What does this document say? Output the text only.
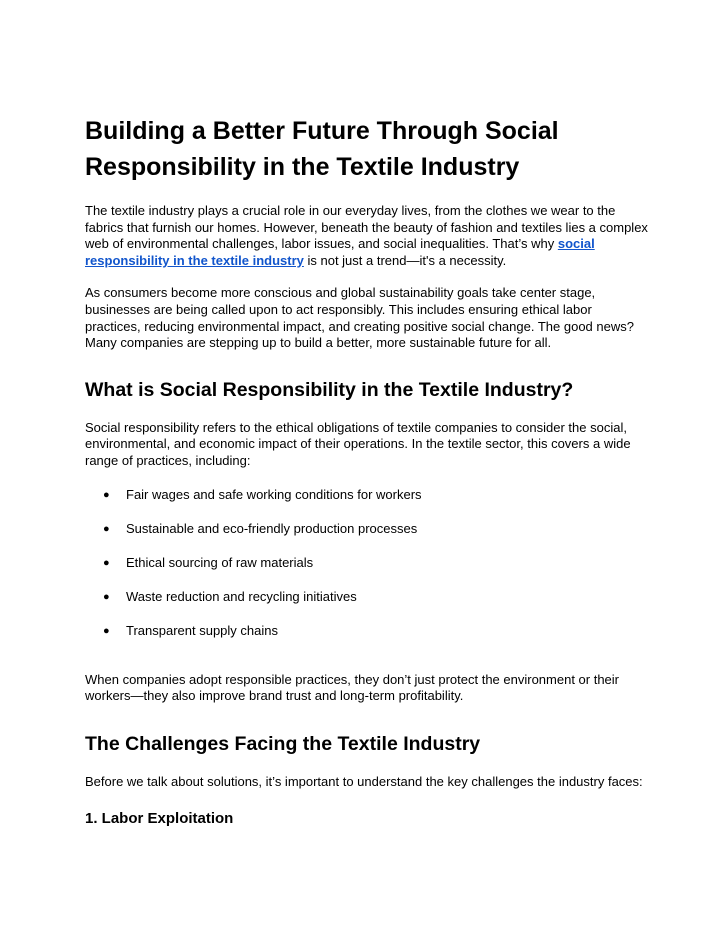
Building a Better Future Through Social Responsibility in the Textile Industry

The textile industry plays a crucial role in our everyday lives, from the clothes we wear to the fabrics that furnish our homes. However, beneath the beauty of fashion and textiles lies a complex web of environmental challenges, labor issues, and social inequalities. That’s why social responsibility in the textile industry is not just a trend—it's a necessity.

As consumers become more conscious and global sustainability goals take center stage, businesses are being called upon to act responsibly. This includes ensuring ethical labor practices, reducing environmental impact, and creating positive social change. The good news? Many companies are stepping up to build a better, more sustainable future for all.

What is Social Responsibility in the Textile Industry?

Social responsibility refers to the ethical obligations of textile companies to consider the social, environmental, and economic impact of their operations. In the textile sector, this covers a wide range of practices, including:

● Fair wages and safe working conditions for workers
● Sustainable and eco-friendly production processes
● Ethical sourcing of raw materials
● Waste reduction and recycling initiatives
● Transparent supply chains

When companies adopt responsible practices, they don’t just protect the environment or their workers—they also improve brand trust and long-term profitability.

The Challenges Facing the Textile Industry

Before we talk about solutions, it’s important to understand the key challenges the industry faces:

1. Labor Exploitation
